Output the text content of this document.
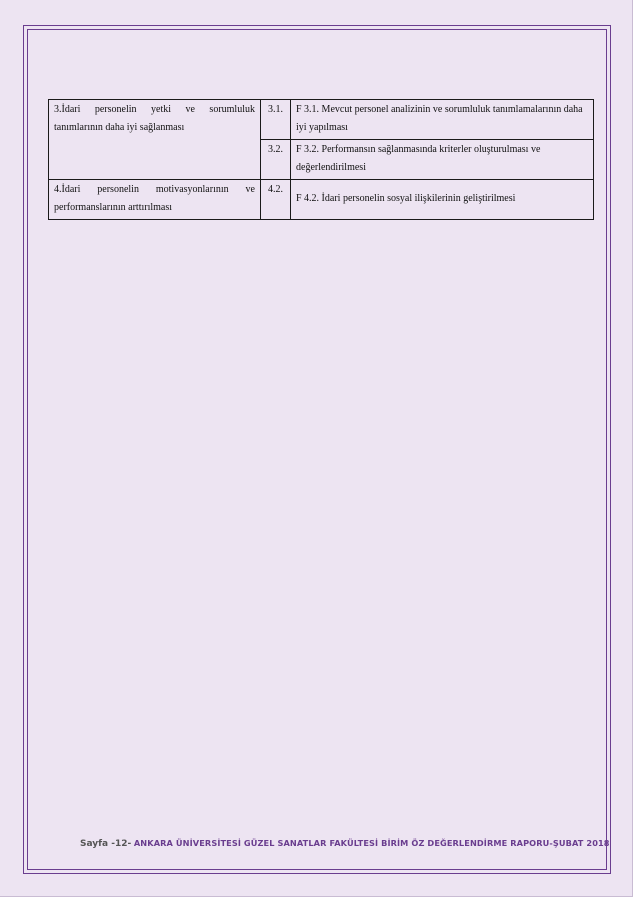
3.İdari personelin yetki ve sorumluluk
tanımlarının daha iyi sağlanması	3.1.	F 3.1. Mevcut personel analizinin ve sorumluluk tanımlamalarının daha iyi yapılması
	3.2.	F 3.2. Performansın sağlanmasında kriterler oluşturulması ve değerlendirilmesi

4.İdari personelin motivasyonlarının ve
performanslarının arttırılması	4.2.	F 4.2. İdari personelin sosyal ilişkilerinin geliştirilmesi
Sayfa -12- ANKARA ÜNİVERSİTESİ GÜZEL SANATLAR FAKÜLTESİ BİRİM ÖZ DEĞERLENDİRME RAPORU-ŞUBAT 2018
